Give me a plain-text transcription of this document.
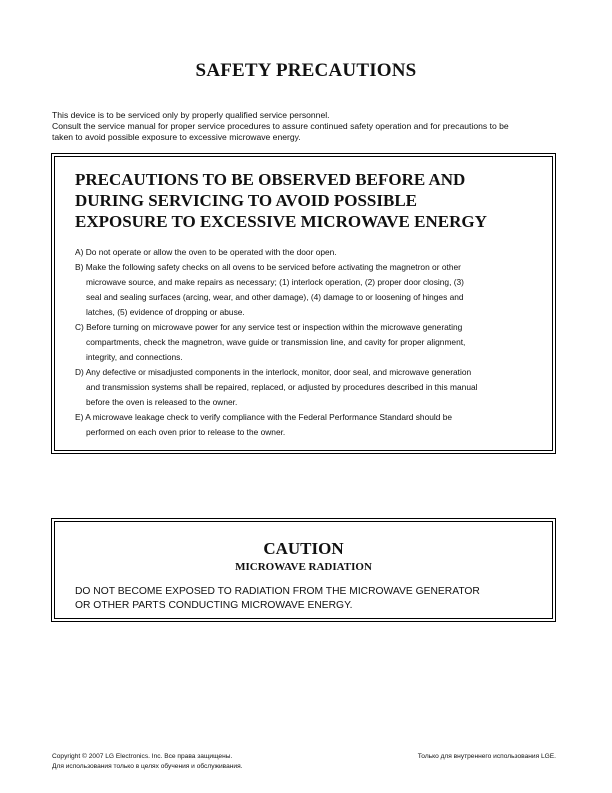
SAFETY PRECAUTIONS

This device is to be serviced only by properly qualified service personnel.

Consult the service manual for proper service procedures to assure continued safety operation and for precautions to be

taken to avoid possible exposure to excessive microwave energy.

PRECAUTIONS TO BE OBSERVED BEFORE AND
DURING SERVICING TO AVOID POSSIBLE
EXPOSURE TO EXCESSIVE MICROWAVE ENERGY
A) Do not operate or allow the oven to be operated with the door open.
B) Make the following safety checks on all ovens to be serviced before activating the magnetron or other
microwave source, and make repairs as necessary; (1) interlock operation, (2) proper door closing, (3)
seal and sealing surfaces (arcing, wear, and other damage), (4) damage to or loosening of hinges and
latches, (5) evidence of dropping or abuse.
C) Before turning on microwave power for any service test or inspection within the microwave generating
compartments, check the magnetron, wave guide or transmission line, and cavity for proper alignment,
integrity, and connections.
D) Any defective or misadjusted components in the interlock, monitor, door seal, and microwave generation
and transmission systems shall be repaired, replaced, or adjusted by procedures described in this manual
before the oven is released to the owner.
E) A microwave leakage check to verify compliance with the Federal Performance Standard should be
performed on each oven prior to release to the owner.
CAUTION
MICROWAVE RADIATION
DO NOT BECOME EXPOSED TO RADIATION FROM THE MICROWAVE GENERATOR
OR OTHER PARTS CONDUCTING MICROWAVE ENERGY.
Copyright © 2007 LG Electronics. Inc. Все права защищены.
Для использования только в целях обучения и обслуживания.
Только для внутреннего использования LGE.
